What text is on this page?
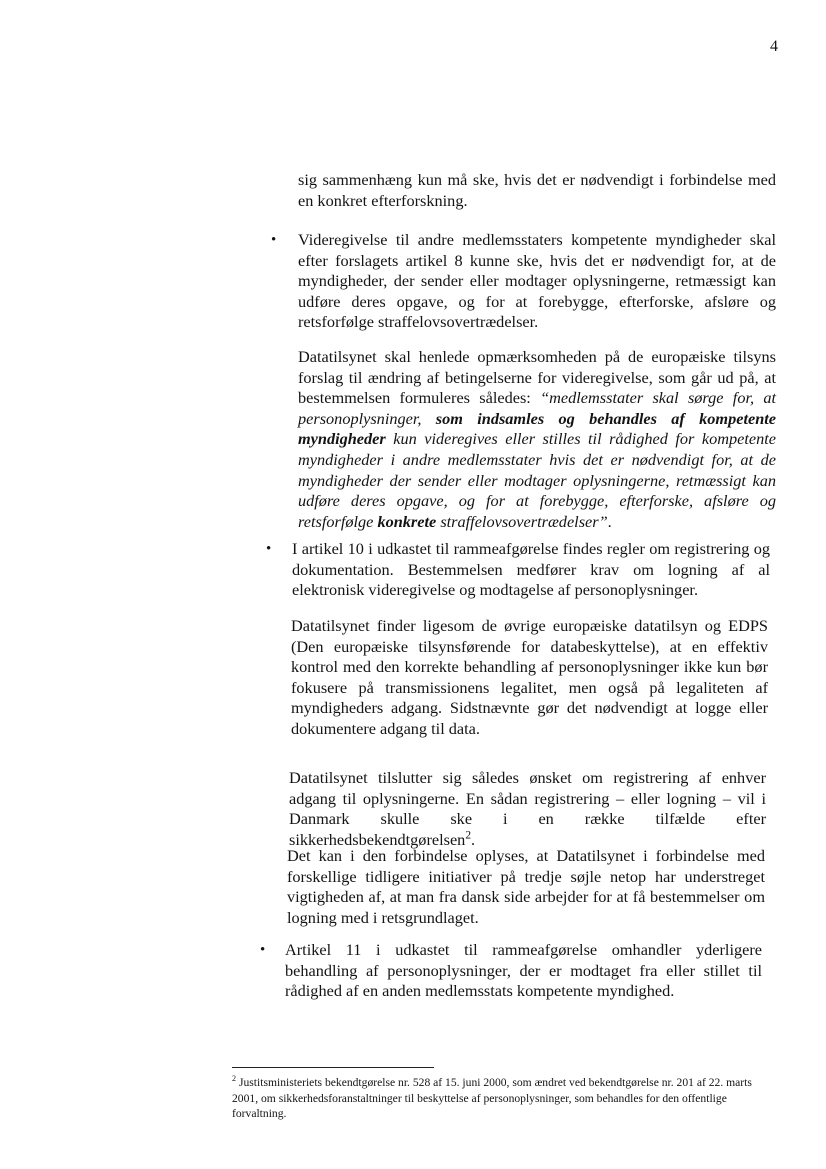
4

sig sammenhæng kun må ske, hvis det er nødvendigt i forbindelse med en konkret efterforskning.

• Videregivelse til andre medlemsstaters kompetente myndigheder skal efter forslagets artikel 8 kunne ske, hvis det er nødvendigt for, at de myndigheder, der sender eller modtager oplysningerne, retmæssigt kan udføre deres opgave, og for at forebygge, efterforske, afsløre og retsforfølge straffelovsovertrædelser.

Datatilsynet skal henlede opmærksomheden på de europæiske tilsyns forslag til ændring af betingelserne for videregivelse, som går ud på, at bestemmelsen formuleres således: “medlemsstater skal sørge for, at personoplysninger, som indsamles og behandles af kompetente myndigheder kun videregives eller stilles til rådighed for kompetente myndigheder i andre medlemsstater hvis det er nødvendigt for, at de myndigheder der sender eller modtager oplysningerne, retmæssigt kan udføre deres opgave, og for at forebygge, efterforske, afsløre og retsforfølge konkrete straffelovsovertrædelser”.

• I artikel 10 i udkastet til rammeafgørelse findes regler om registrering og dokumentation. Bestemmelsen medfører krav om logning af al elektronisk videregivelse og modtagelse af personoplysninger.

Datatilsynet finder ligesom de øvrige europæiske datatilsyn og EDPS (Den europæiske tilsynsførende for databeskyttelse), at en effektiv kontrol med den korrekte behandling af personoplysninger ikke kun bør fokusere på transmissionens legalitet, men også på legaliteten af myndigheders adgang. Sidstnævnte gør det nødvendigt at logge eller dokumentere adgang til data.

Datatilsynet tilslutter sig således ønsket om registrering af enhver adgang til oplysningerne. En sådan registrering – eller logning – vil i Danmark skulle ske i en række tilfælde efter sikkerhedsbekendtgørelsen$^2$.

Det kan i den forbindelse oplyses, at Datatilsynet i forbindelse med forskellige tidligere initiativer på tredje søjle netop har understreget vigtigheden af, at man fra dansk side arbejder for at få bestemmelser om logning med i retsgrundlaget.

• Artikel 11 i udkastet til rammeafgørelse omhandler yderligere behandling af personoplysninger, der er modtaget fra eller stillet til rådighed af en anden medlemsstats kompetente myndighed.

$^2$ Justitsministeriets bekendtgørelse nr. 528 af 15. juni 2000, som ændret ved bekendtgørelse nr. 201 af 22. marts 2001, om sikkerhedsforanstaltninger til beskyttelse af personoplysninger, som behandles for den offentlige forvaltning.
